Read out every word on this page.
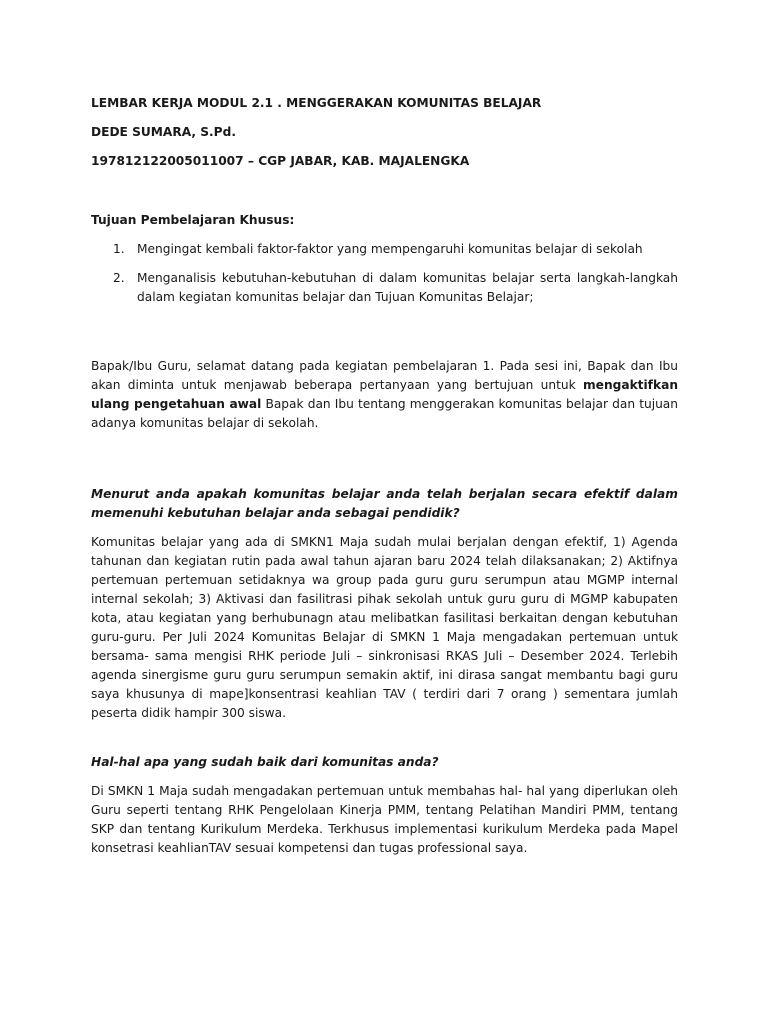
LEMBAR KERJA MODUL 2.1 . MENGGERAKAN KOMUNITAS BELAJAR

DEDE SUMARA, S.Pd.

197812122005011007 – CGP JABAR, KAB. MAJALENGKA

Tujuan Pembelajaran Khusus:

1. Mengingat kembali faktor-faktor yang mempengaruhi komunitas belajar di sekolah
2. Menganalisis kebutuhan-kebutuhan di dalam komunitas belajar serta langkah-langkah dalam kegiatan komunitas belajar dan Tujuan Komunitas Belajar;

Bapak/Ibu Guru, selamat datang pada kegiatan pembelajaran 1. Pada sesi ini, Bapak dan Ibu akan diminta untuk menjawab beberapa pertanyaan yang bertujuan untuk mengaktifkan ulang pengetahuan awal Bapak dan Ibu tentang menggerakan komunitas belajar dan tujuan adanya komunitas belajar di sekolah.

Menurut anda apakah komunitas belajar anda telah berjalan secara efektif dalam memenuhi kebutuhan belajar anda sebagai pendidik?

Komunitas belajar yang ada di SMKN1 Maja sudah mulai berjalan dengan efektif, 1) Agenda tahunan dan kegiatan rutin pada awal tahun ajaran baru 2024 telah dilaksanakan; 2) Aktifnya pertemuan pertemuan setidaknya wa group pada guru guru serumpun atau MGMP internal internal sekolah; 3) Aktivasi dan fasilitrasi pihak sekolah untuk guru guru di MGMP kabupaten kota, atau kegiatan yang berhubunagn atau melibatkan fasilitasi berkaitan dengan kebutuhan guru-guru. Per Juli 2024 Komunitas Belajar di SMKN 1 Maja mengadakan pertemuan untuk bersama- sama mengisi RHK periode Juli – sinkronisasi RKAS Juli – Desember 2024. Terlebih agenda sinergisme guru guru serumpun semakin aktif, ini dirasa sangat membantu bagi guru saya khusunya di mape]konsentrasi keahlian TAV ( terdiri dari 7 orang ) sementara jumlah peserta didik hampir 300 siswa.

Hal-hal apa yang sudah baik dari komunitas anda?

Di SMKN 1 Maja sudah mengadakan pertemuan untuk membahas hal- hal yang diperlukan oleh Guru seperti tentang RHK Pengelolaan Kinerja PMM, tentang Pelatihan Mandiri PMM, tentang SKP dan tentang Kurikulum Merdeka. Terkhusus implementasi kurikulum Merdeka pada Mapel konsetrasi keahlianTAV sesuai kompetensi dan tugas professional saya.
